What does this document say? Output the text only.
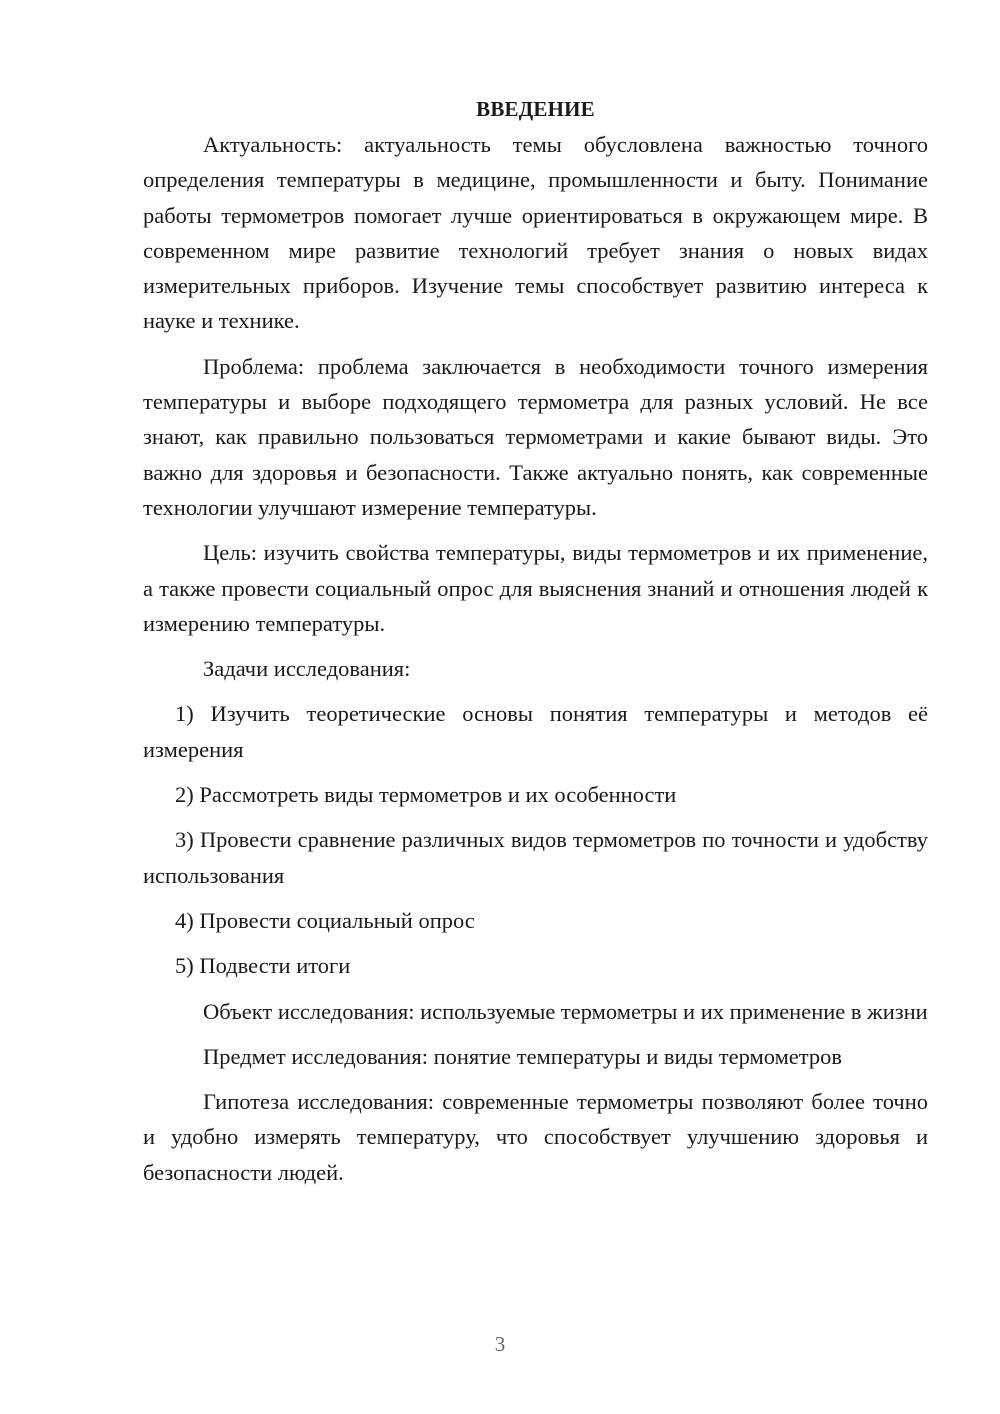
ВВЕДЕНИЕ

Актуальность: актуальность темы обусловлена важностью точного определения температуры в медицине, промышленности и быту. Понимание работы термометров помогает лучше ориентироваться в окружающем мире. В современном мире развитие технологий требует знания о новых видах измерительных приборов. Изучение темы способствует развитию интереса к науке и технике.

Проблема: проблема заключается в необходимости точного измерения температуры и выборе подходящего термометра для разных условий. Не все знают, как правильно пользоваться термометрами и какие бывают виды. Это важно для здоровья и безопасности. Также актуально понять, как современные технологии улучшают измерение температуры.

Цель: изучить свойства температуры, виды термометров и их применение, а также провести социальный опрос для выяснения знаний и отношения людей к измерению температуры.

Задачи исследования:

1) Изучить теоретические основы понятия температуры и методов её измерения

2) Рассмотреть виды термометров и их особенности

3) Провести сравнение различных видов термометров по точности и удобству использования

4) Провести социальный опрос

5) Подвести итоги

Объект исследования: используемые термометры и их применение в жизни

Предмет исследования: понятие температуры и виды термометров

Гипотеза исследования: современные термометры позволяют более точно и удобно измерять температуру, что способствует улучшению здоровья и безопасности людей.

3
